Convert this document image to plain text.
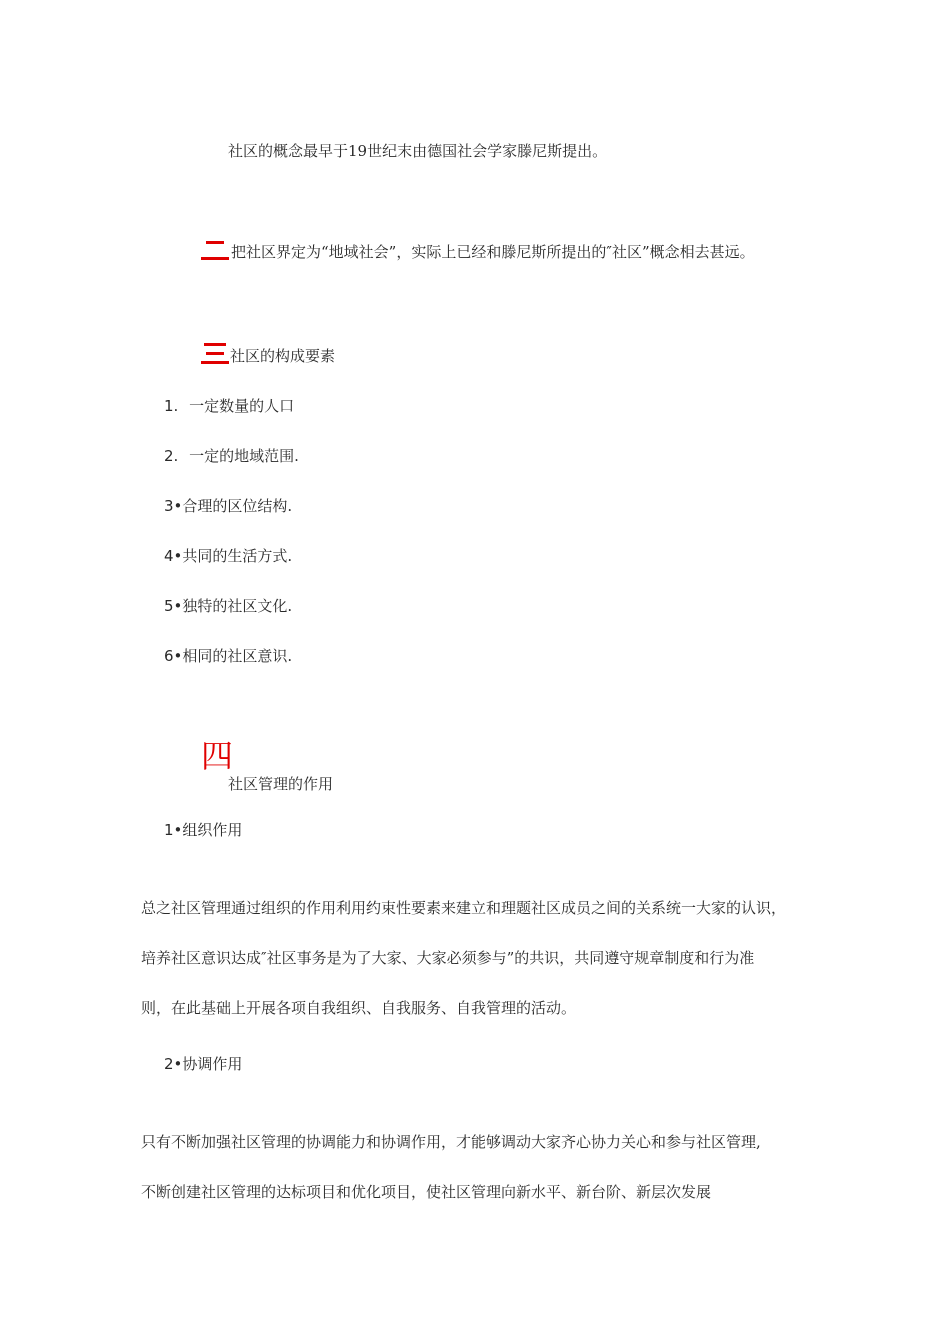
社区的概念最早于19世纪末由德国社会学家滕尼斯提出。
把社区界定为“地域社会”，实际上已经和滕尼斯所提出的″社区”概念相去甚远。
社区的构成要素
1. 一定数量的人口
2. 一定的地域范围.
3•合理的区位结构.
4•共同的生活方式.
5•独特的社区文化.
6•相同的社区意识.
四
社区管理的作用
1•组织作用
总之社区管理通过组织的作用利用约束性要素来建立和理题社区成员之间的关系统一大家的认识，
培养社区意识达成″社区事务是为了大家、大家必须参与”的共识，共同遵守规章制度和行为准
则，在此基础上开展各项自我组织、自我服务、自我管理的活动。
2•协调作用
只有不断加强社区管理的协调能力和协调作用，才能够调动大家齐心协力关心和参与社区管理,
不断创建社区管理的达标项目和优化项目，使社区管理向新水平、新台阶、新层次发展
